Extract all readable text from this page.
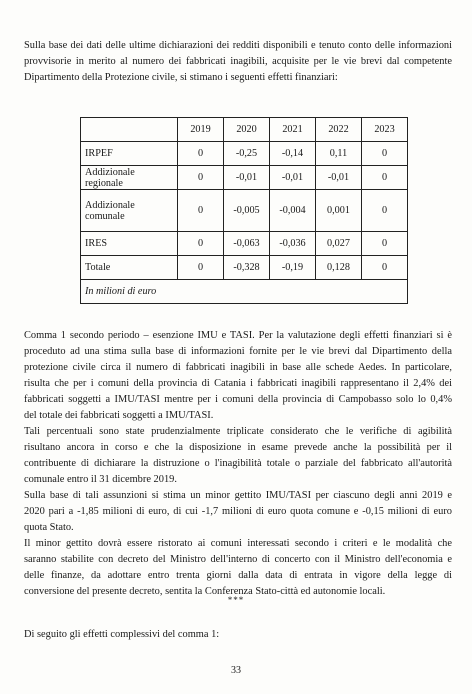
Sulla base dei dati delle ultime dichiarazioni dei redditi disponibili e tenuto conto delle informazioni
provvisorie in merito al numero dei fabbricati inagibili, acquisite per le vie brevi dal competente
Dipartimento della Protezione civile, si stimano i seguenti effetti finanziari:
	2019	2020	2021	2022	2023
IRPEF	0	-0,25	-0,14	0,11	0
Addizionale regionale	0	-0,01	-0,01	-0,01	0
Addizionale comunale	0	-0,005	-0,004	0,001	0
IRES	0	-0,063	-0,036	0,027	0
Totale	0	-0,328	-0,19	0,128	0
In milioni di euro					
Comma 1 secondo periodo – esenzione IMU e TASI. Per la valutazione degli effetti finanziari si è
proceduto ad una stima sulla base di informazioni fornite per le vie brevi dal Dipartimento della
protezione civile circa il numero di fabbricati inagibili in base alle schede Aedes. In particolare,
risulta che per i comuni della provincia di Catania i fabbricati inagibili rappresentano il 2,4% dei
fabbricati soggetti a IMU/TASI mentre per i comuni della provincia di Campobasso solo lo 0,4%
del totale dei fabbricati soggetti a IMU/TASI.
Tali percentuali sono state prudenzialmente triplicate considerato che le verifiche di agibilità
risultano ancora in corso e che la disposizione in esame prevede anche la possibilità per il
contribuente di dichiarare la distruzione o l'inagibilità totale o parziale del fabbricato all'autorità
comunale entro il 31 dicembre 2019.
Sulla base di tali assunzioni si stima un minor gettito IMU/TASI per ciascuno degli anni 2019 e
2020 pari a -1,85 milioni di euro, di cui -1,7 milioni di euro quota comune e -0,15 milioni di euro
quota Stato.
Il minor gettito dovrà essere ristorato ai comuni interessati secondo i criteri e le modalità che
saranno stabilite con decreto del Ministro dell'interno di concerto con il Ministro dell'economia e
delle finanze, da adottare entro trenta giorni dalla data di entrata in vigore della legge di
conversione del presente decreto, sentita la Conferenza Stato-città ed autonomie locali.
***
Di seguito gli effetti complessivi del comma 1:
33
